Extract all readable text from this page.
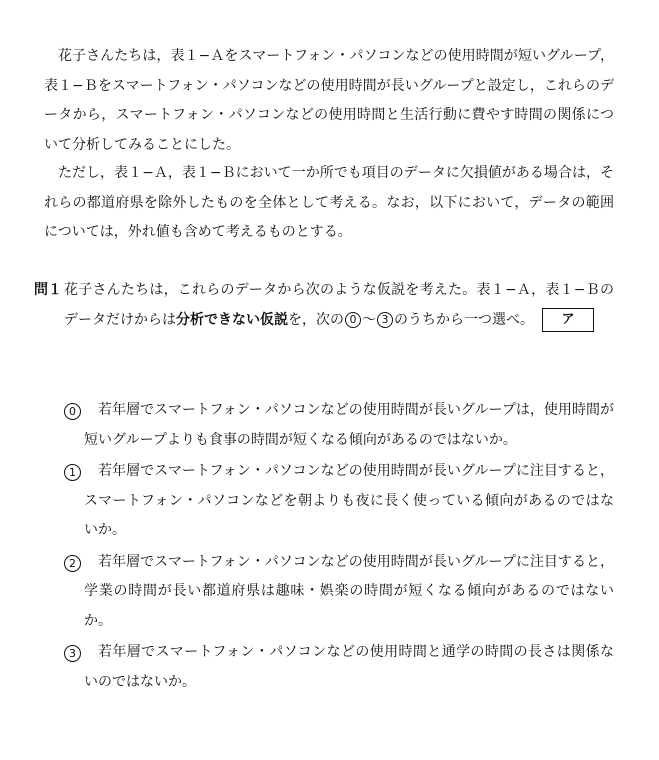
花子さんたちは，表１−Ａをスマートフォン・パソコンなどの使用時間が短いグループ，表１−Ｂをスマートフォン・パソコンなどの使用時間が長いグループと設定し，これらのデータから，スマートフォン・パソコンなどの使用時間と生活行動に費やす時間の関係について分析してみることにした。

ただし，表１−Ａ，表１−Ｂにおいて一か所でも項目のデータに欠損値がある場合は，それらの都道府県を除外したものを全体として考える。なお，以下において，データの範囲については，外れ値も含めて考えるものとする。

問１ 花子さんたちは，これらのデータから次のような仮説を考えた。表１−Ａ，表１−Ｂのデータだけからは分析できない仮説を，次の 0 〜 3 のうちから一つ選べ。 ア

0	若年層でスマートフォン・パソコンなどの使用時間が長いグループは，使用時間が短いグループよりも食事の時間が短くなる傾向があるのではないか。
1	若年層でスマートフォン・パソコンなどの使用時間が長いグループに注目すると，スマートフォン・パソコンなどを朝よりも夜に長く使っている傾向があるのではないか。
2	若年層でスマートフォン・パソコンなどの使用時間が長いグループに注目すると，学業の時間が長い都道府県は趣味・娯楽の時間が短くなる傾向があるのではないか。
3	若年層でスマートフォン・パソコンなどの使用時間と通学の時間の長さは関係ないのではないか。
